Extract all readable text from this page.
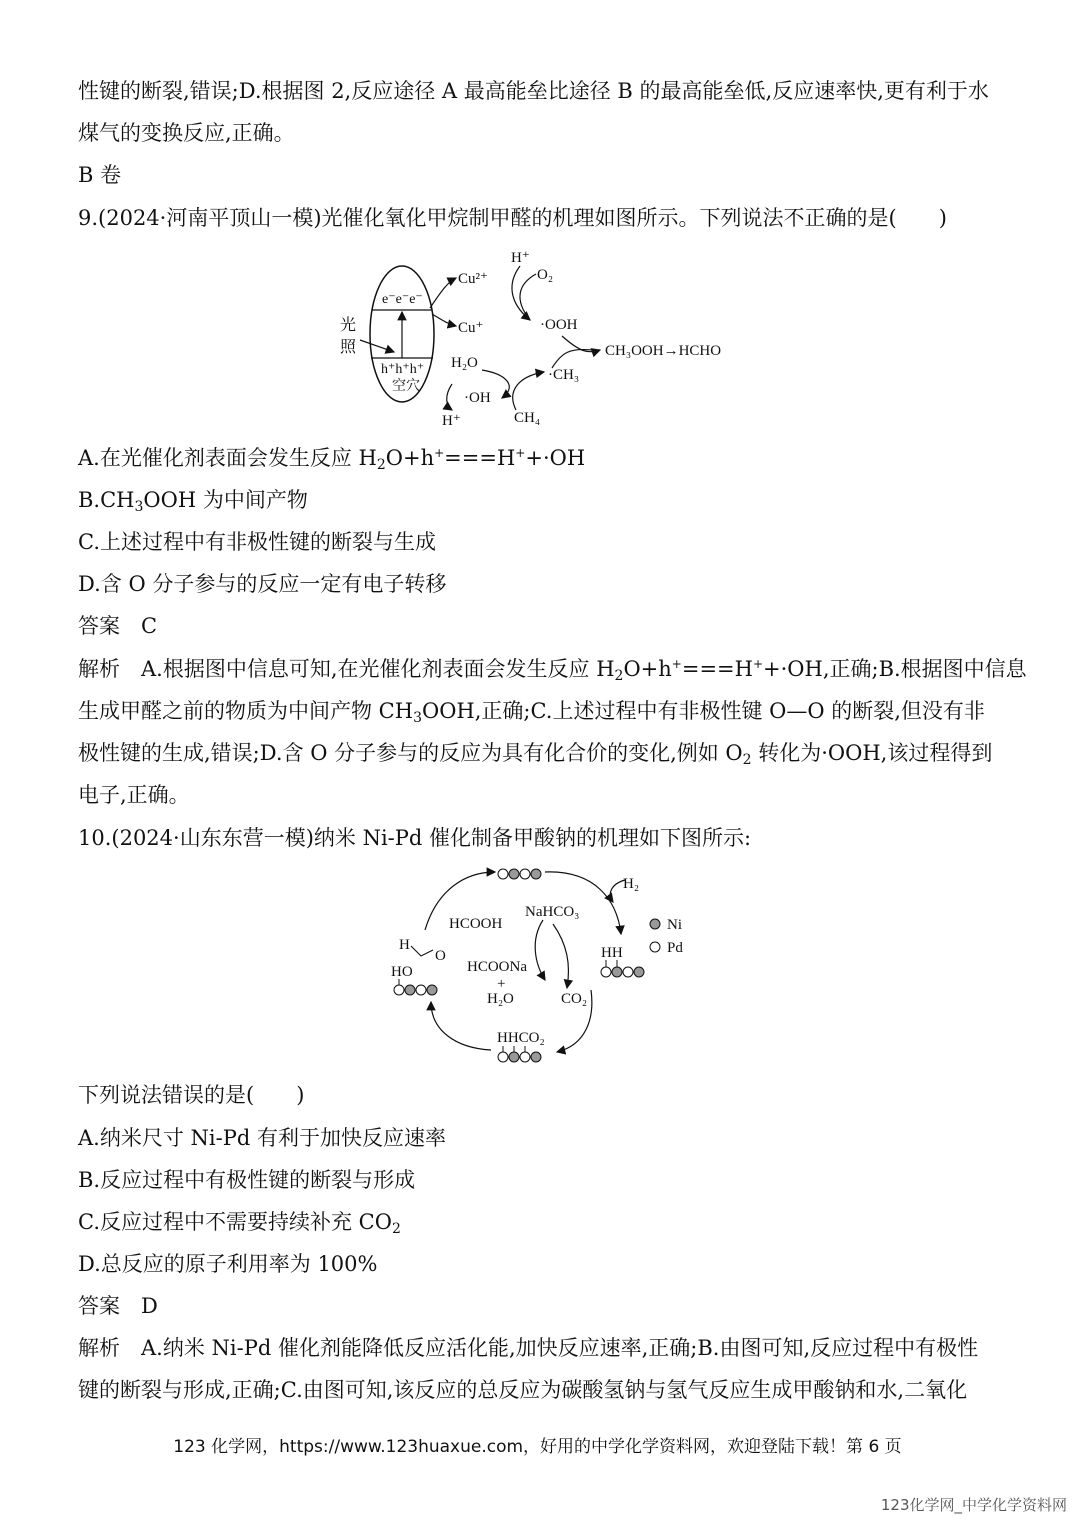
性键的断裂,错误;D.根据图 2,反应途径 A 最高能垒比途径 B 的最高能垒低,反应速率快,更有利于水
煤气的变换反应,正确。
B 卷
9.(2024·河南平顶山一模)光催化氧化甲烷制甲醛的机理如图所示。下列说法不正确的是(　　)
e⁻e⁻e⁻
h⁺h⁺h⁺
空穴
光
照
H⁺
O₂
Cu²⁺
Cu⁺	·OOH
CH₃OOH→HCHO
H₂O
·OH
·CH₃
H⁺	CH₄
A.在光催化剂表面会发生反应 $H_2O+h^+===H^++\cdot OH$
$B.CH_3OOH$ 为中间产物
C.上述过程中有非极性键的断裂与生成
D.含 O 分子参与的反应一定有电子转移
答案　C
解析　A.根据图中信息可知,在光催化剂表面会发生反应 $H_2O+h^+===H^++\cdot OH$,正确;B.根据图中信息
生成甲醛之前的物质为中间产物 $CH_3OOH$,正确;C.上述过程中有非极性键 O—O 的断裂,但没有非
极性键的生成,错误;D.含 O 分子参与的反应为具有化合价的变化,例如 $O_2$ 转化为·OOH,该过程得到
电子,正确。
10.(2024·山东东营一模)纳米 Ni-Pd 催化制备甲酸钠的机理如下图所示:
H₂
HCOOH
NaHCO₃
Ni
Pd
H
O
HO
HH
HCOONa
+
H₂O	CO₂
HHCO₂
下列说法错误的是(　　)
A.纳米尺寸 Ni-Pd 有利于加快反应速率
B.反应过程中有极性键的断裂与形成
C.反应过程中不需要持续补充 $CO_2$
D.总反应的原子利用率为 100%
答案　D
解析　A.纳米 Ni-Pd 催化剂能降低反应活化能,加快反应速率,正确;B.由图可知,反应过程中有极性
键的断裂与形成,正确;C.由图可知,该反应的总反应为碳酸氢钠与氢气反应生成甲酸钠和水,二氧化
123 化学网，https://www.123huaxue.com，好用的中学化学资料网，欢迎登陆下载！第 6 页
123化学网_中学化学资料网
